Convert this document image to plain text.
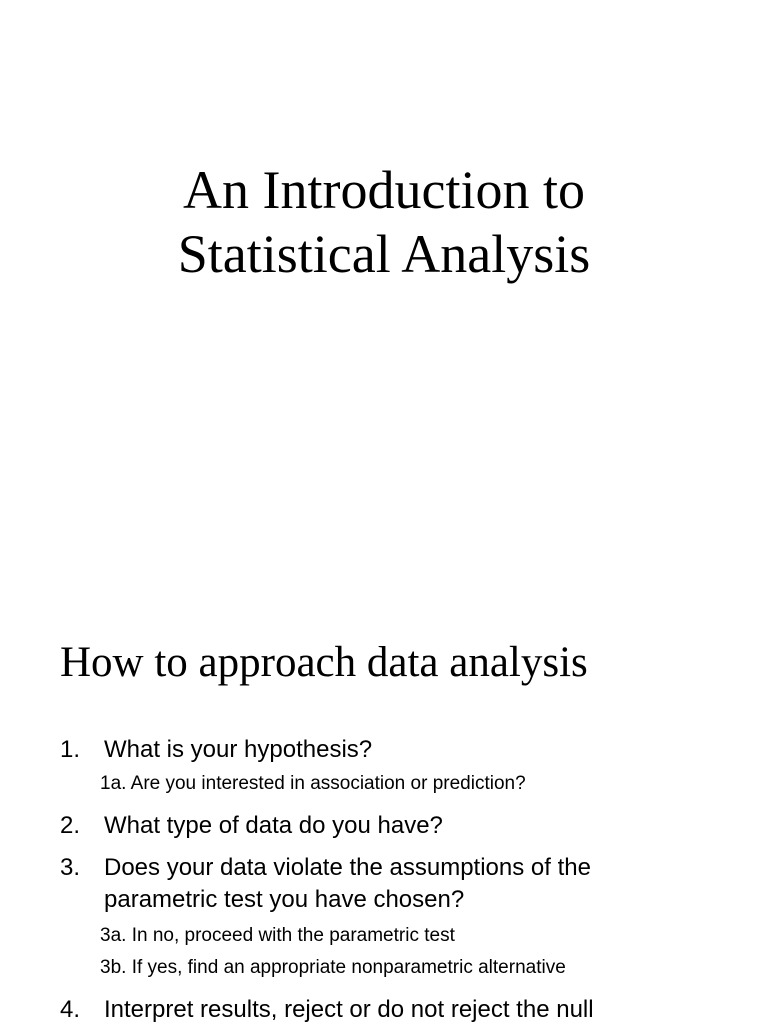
An Introduction to
Statistical Analysis
How to approach data analysis
1. What is your hypothesis?
1a. Are you interested in association or prediction?
2. What type of data do you have?
3. Does your data violate the assumptions of the
parametric test you have chosen?
3a. In no, proceed with the parametric test
3b. If yes, find an appropriate nonparametric alternative
4. Interpret results, reject or do not reject the null
